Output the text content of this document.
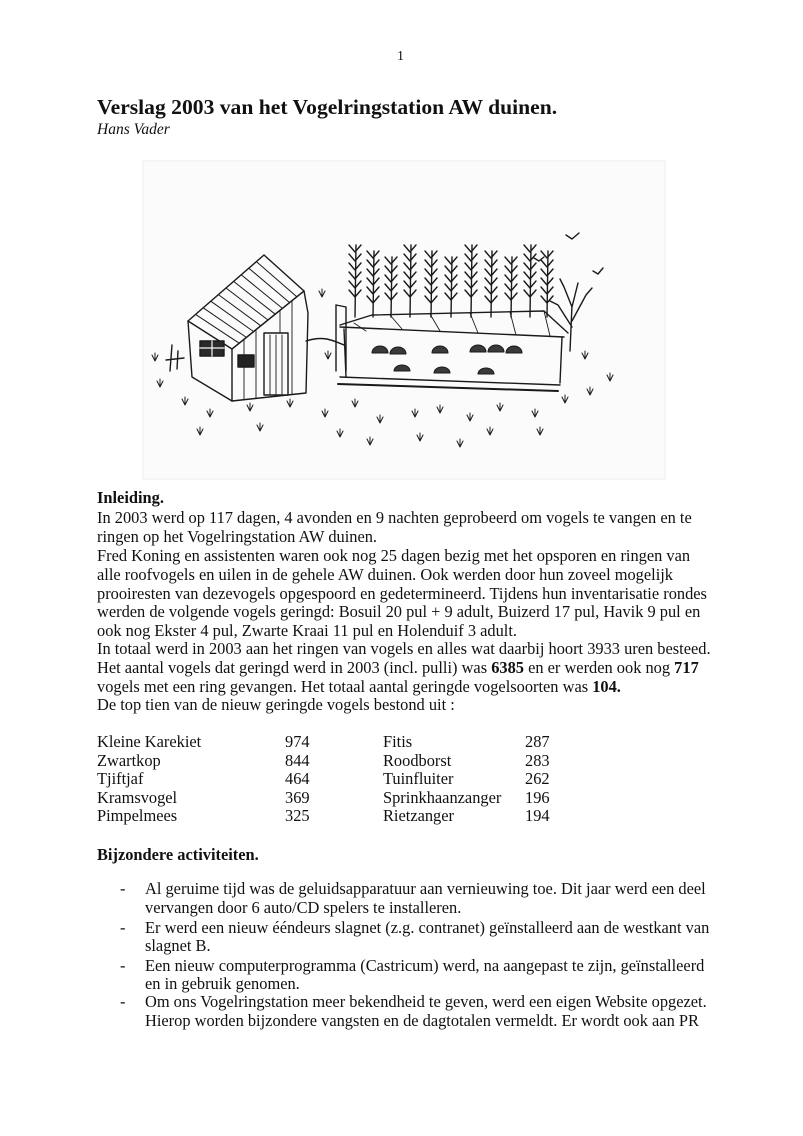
1
Verslag 2003 van het Vogelringstation AW duinen.
Hans Vader
Inleiding.
In 2003 werd op 117 dagen, 4 avonden en 9 nachten geprobeerd om vogels te vangen en te
ringen op het Vogelringstation AW duinen.
Fred Koning en assistenten waren ook nog 25 dagen bezig met het opsporen en ringen van
alle roofvogels en uilen in de gehele AW duinen. Ook werden door hun zoveel mogelijk
prooiresten van dezevogels opgespoord en gedetermineerd. Tijdens hun inventarisatie rondes
werden de volgende vogels geringd: Bosuil 20 pul + 9 adult, Buizerd 17 pul, Havik 9 pul en
ook nog Ekster 4 pul, Zwarte Kraai 11 pul en Holenduif 3 adult.
In totaal werd in 2003 aan het ringen van vogels en alles wat daarbij hoort 3933 uren besteed.
Het aantal vogels dat geringd werd in 2003 (incl. pulli) was 6385 en er werden ook nog 717
vogels met een ring gevangen. Het totaal aantal geringde vogelsoorten was 104.
De top tien van de nieuw geringde vogels bestond uit :
Kleine Karekiet	974	Fitis	287
Zwartkop	844	Roodborst	283
Tjiftjaf	464	Tuinfluiter	262
Kramsvogel	369	Sprinkhaanzanger 196
Pimpelmees	325	Rietzanger	194
Bijzondere activiteiten.
- Al geruime tijd was de geluidsapparatuur aan vernieuwing toe. Dit jaar werd een deel
vervangen door 6 auto/CD spelers te installeren.
- Er werd een nieuw ééndeurs slagnet (z.g. contranet) geïnstalleerd aan de westkant van
slagnet B.
- Een nieuw computerprogramma (Castricum) werd, na aangepast te zijn, geïnstalleerd
en in gebruik genomen.
- Om ons Vogelringstation meer bekendheid te geven, werd een eigen Website opgezet.
Hierop worden bijzondere vangsten en de dagtotalen vermeldt. Er wordt ook aan PR
